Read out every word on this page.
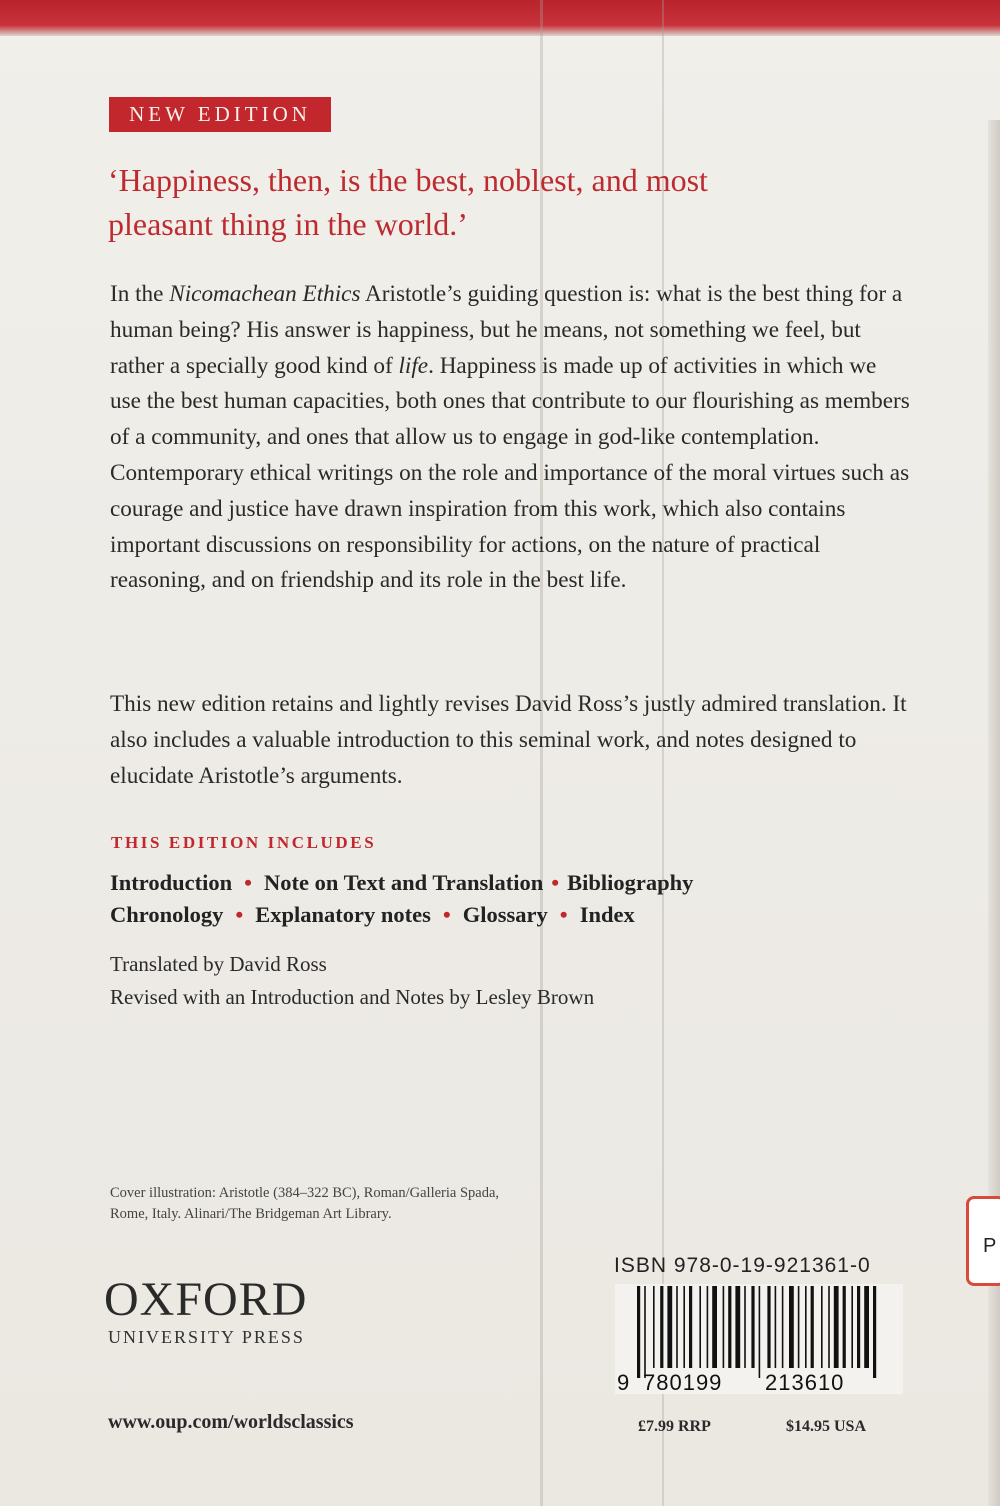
NEW EDITION
‘Happiness, then, is the best, noblest, and most pleasant thing in the world.’
In the Nicomachean Ethics Aristotle’s guiding question is: what is the best thing for a human being? His answer is happiness, but he means, not something we feel, but rather a specially good kind of life. Happiness is made up of activities in which we use the best human capacities, both ones that contribute to our flourishing as members of a community, and ones that allow us to engage in god-like contemplation. Contemporary ethical writings on the role and importance of the moral virtues such as courage and justice have drawn inspiration from this work, which also contains important discussions on responsibility for actions, on the nature of practical reasoning, and on friendship and its role in the best life.
This new edition retains and lightly revises David Ross’s justly admired translation. It also includes a valuable introduction to this seminal work, and notes designed to elucidate Aristotle’s arguments.
THIS EDITION INCLUDES
Introduction • Note on Text and Translation • Bibliography
Chronology • Explanatory notes • Glossary • Index
Translated by David Ross
Revised with an Introduction and Notes by Lesley Brown
Cover illustration: Aristotle (384–322 BC), Roman/Galleria Spada,
Rome, Italy. Alinari/The Bridgeman Art Library.
OXFORD
UNIVERSITY PRESS
www.oup.com/worldsclassics
ISBN 978-0-19-921361-0
9 780199 213610
£7.99 RRP	$14.95 USA
P
